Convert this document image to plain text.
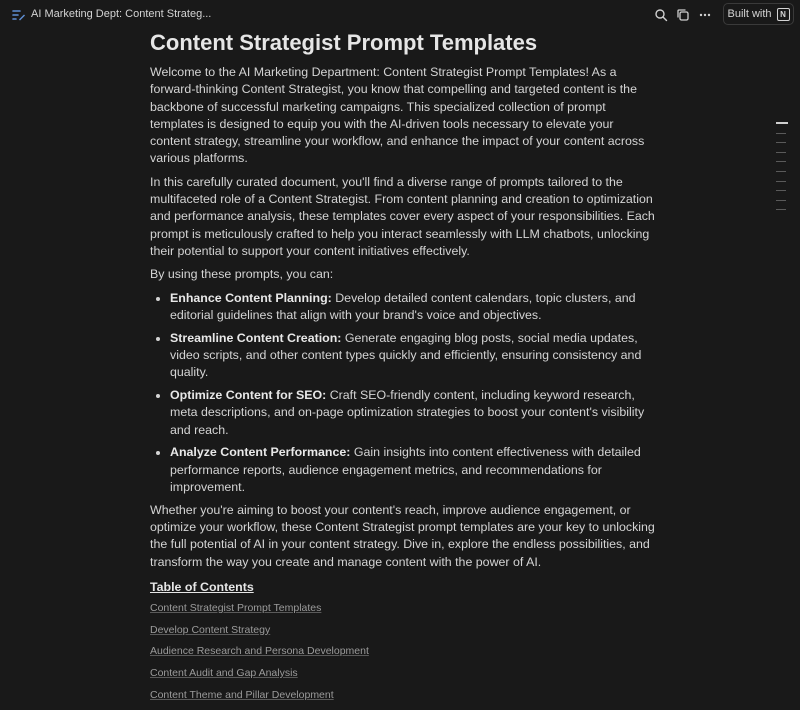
AI Marketing Dept: Content Strateg...	Built with	N
Content Strategist Prompt Templates

Welcome to the AI Marketing Department: Content Strategist Prompt Templates! As a forward-thinking Content Strategist, you know that compelling and targeted content is the backbone of successful marketing campaigns. This specialized collection of prompt templates is designed to equip you with the AI-driven tools necessary to elevate your content strategy, streamline your workflow, and enhance the impact of your content across various platforms.

In this carefully curated document, you'll find a diverse range of prompts tailored to the multifaceted role of a Content Strategist. From content planning and creation to optimization and performance analysis, these templates cover every aspect of your responsibilities. Each prompt is meticulously crafted to help you interact seamlessly with LLM chatbots, unlocking their potential to support your content initiatives effectively.

By using these prompts, you can:

• Enhance Content Planning: Develop detailed content calendars, topic clusters, and editorial guidelines that align with your brand's voice and objectives.
• Streamline Content Creation: Generate engaging blog posts, social media updates, video scripts, and other content types quickly and efficiently, ensuring consistency and quality.
• Optimize Content for SEO: Craft SEO-friendly content, including keyword research, meta descriptions, and on-page optimization strategies to boost your content's visibility and reach.
• Analyze Content Performance: Gain insights into content effectiveness with detailed performance reports, audience engagement metrics, and recommendations for improvement.

Whether you're aiming to boost your content's reach, improve audience engagement, or optimize your workflow, these Content Strategist prompt templates are your key to unlocking the full potential of AI in your content strategy. Dive in, explore the endless possibilities, and transform the way you create and manage content with the power of AI.

Table of Contents
Content Strategist Prompt Templates
Develop Content Strategy
Audience Research and Persona Development
Content Audit and Gap Analysis
Content Theme and Pillar Development
